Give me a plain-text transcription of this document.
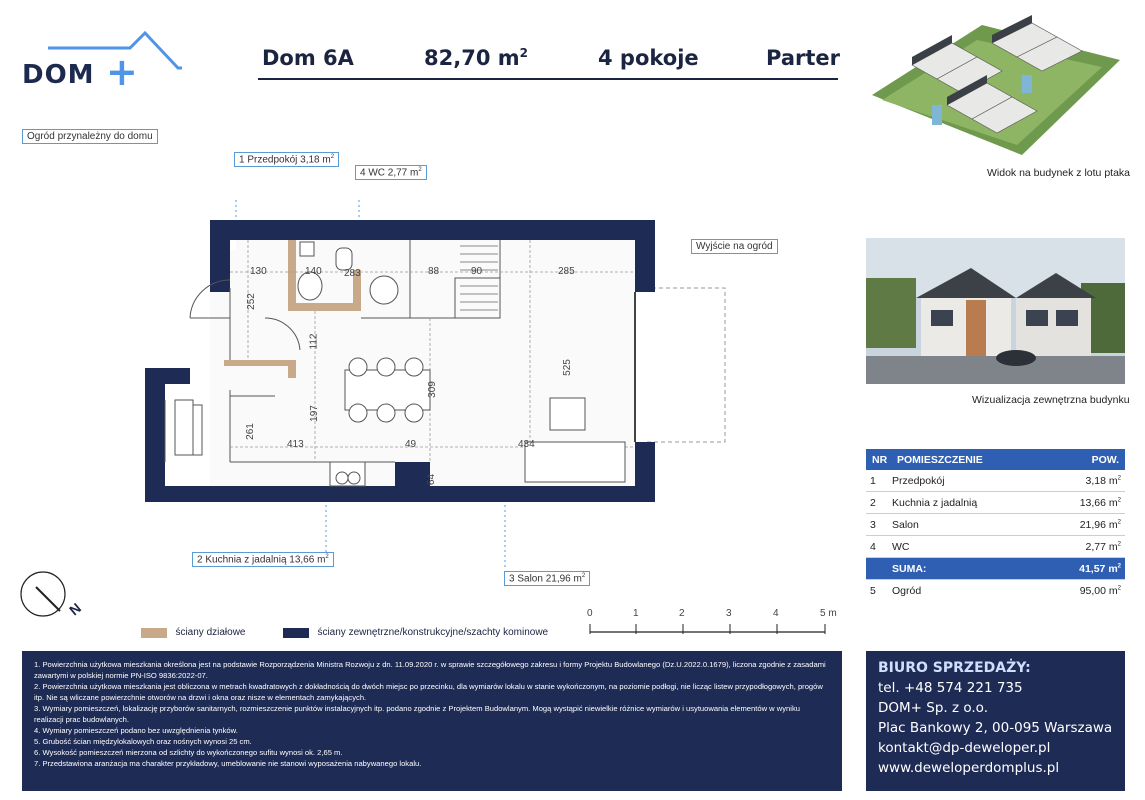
DOM +	Dom 6A	82,70 $m^2$	4 pokoje	Parter
Widok na budynek z lotu ptaka
Wizualizacja zewnętrzna budynku
NR POMIESZCZENIE	POW.
1	Przedpokój	3,18 $m^2$
2	Kuchnia z jadalnią	13,66 $m^2$
3	Salon	21,96 $m^2$
4	WC	2,77 $m^2$
	SUMA:	41,57 $m^2$
5	Ogród	95,00 $m^2$
Ogród przynależny do domu
130	140 283	88	90	285
252
112
309
525
197
261
413	49	434
64
1 Przedpokój 3,18 $m^2$
4 WC 2,77 $m^2$
Wyjście na ogród
2 Kuchnia z jadalnią 13,66 $m^2$
3 Salon 21,96 $m^2$
N
ściany działowe	ściany zewnętrzne/konstrukcyjne/szachty kominowe
0	1	2	3	4	5 m

1. Powierzchnia użytkowa mieszkania określona jest na podstawie Rozporządzenia Ministra Rozwoju z dn. 11.09.2020 r. w sprawie szczegółowego zakresu i formy Projektu Budowlanego (Dz.U.2022.0.1679), liczona zgodnie z zasadami zawartymi w polskiej normie PN-ISO 9836:2022-07.

2. Powierzchnia użytkowa mieszkania jest obliczona w metrach kwadratowych z dokładnością do dwóch miejsc po przecinku, dla wymiarów lokalu w stanie wykończonym, na poziomie podłogi, nie licząc listew przypodłogowych, progów itp. Nie są wliczane powierzchnie otworów na drzwi i okna oraz nisze w elementach zamykających.

3. Wymiary pomieszczeń, lokalizację przyborów sanitarnych, rozmieszczenie punktów instalacyjnych itp. podano zgodnie z Projektem Budowlanym. Mogą wystąpić niewielkie różnice wymiarów i usytuowania elementów w wyniku realizacji prac budowlanych.

4. Wymiary pomieszczeń podano bez uwzględnienia tynków.

5. Grubość ścian międzylokalowych oraz nośnych wynosi 25 cm.

6. Wysokość pomieszczeń mierzona od szlichty do wykończonego sufitu wynosi ok. 2,65 m.

7. Przedstawiona aranżacja ma charakter przykładowy, umeblowanie nie stanowi wyposażenia nabywanego lokalu.

BIURO SPRZEDAŻY:
tel. +48 574 221 735
DOM+ Sp. z o.o.
Plac Bankowy 2, 00-095 Warszawa
kontakt@dp-deweloper.pl
www.deweloperdomplus.pl
